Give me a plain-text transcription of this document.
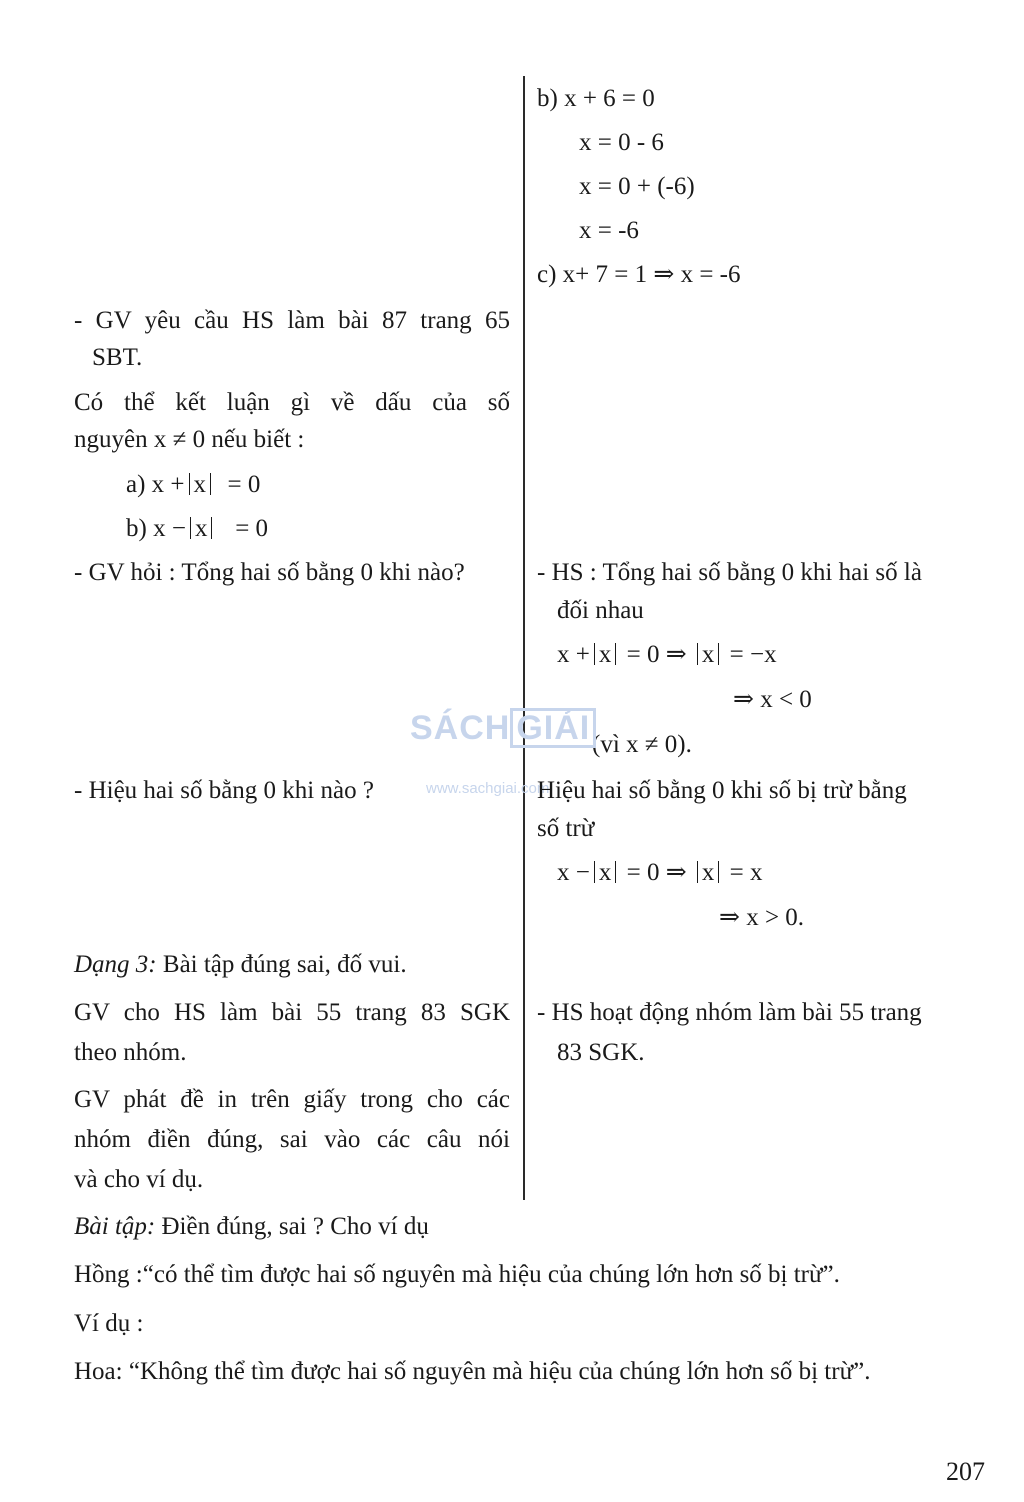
b) x + 6 = 0
x = 0 - 6
x = 0 + (-6)
x = -6
c) x+ 7 = 1 ⇒ x = -6
- GV yêu cầu HS làm bài 87 trang 65
SBT.
Có thể kết luận gì về dấu của số
nguyên x ≠ 0 nếu biết :
a) x + x = 0
b) x − x = 0
- GV hỏi : Tổng hai số bằng 0 khi nào?	- HS : Tổng hai số bằng 0 khi hai số là
đối nhau
x + x = 0 ⇒ x = −x
⇒ x < 0
(vì x ≠ 0).
SÁCH GIẢI
www.sachgiai.com
- Hiệu hai số bằng 0 khi nào ?	Hiệu hai số bằng 0 khi số bị trừ bằng
số trừ
x − x = 0 ⇒ x = x
⇒ x > 0.
Dạng 3: Bài tập đúng sai, đố vui.
GV cho HS làm bài 55 trang 83 SGK
theo nhóm.
- HS hoạt động nhóm làm bài 55 trang
83 SGK.
GV phát đề in trên giấy trong cho các
nhóm điền đúng, sai vào các câu nói
và cho ví dụ.
Bài tập: Điền đúng, sai ? Cho ví dụ
Hồng :“có thể tìm được hai số nguyên mà hiệu của chúng lớn hơn số bị trừ”.
Ví dụ :
Hoa: “Không thể tìm được hai số nguyên mà hiệu của chúng lớn hơn số bị trừ”.
207
